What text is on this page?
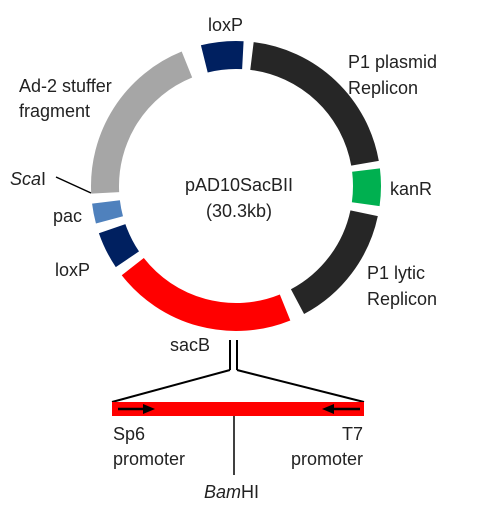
pAD10SacBII
(30.3kb)
loxP
P1 plasmid
Replicon
kanR
P1 lytic
Replicon
sacB
loxP
pac
ScaI
Ad-2 stuffer
fragment
Sp6
promoter
T7
promoter
BamHI
